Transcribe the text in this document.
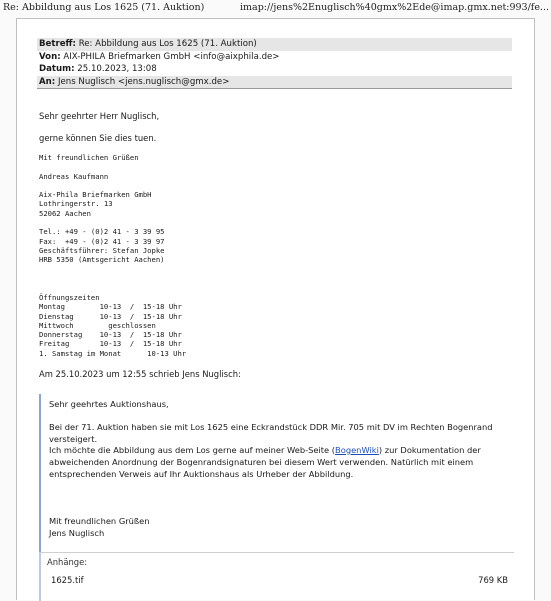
Re: Abbildung aus Los 1625 (71. Auktion)	imap://jens%2Enuglisch%40gmx%2Ede@imap.gmx.net:993/fe...
Betreff: Re: Abbildung aus Los 1625 (71. Auktion)
Von: AIX-PHILA Briefmarken GmbH <info@aixphila.de>
Datum: 25.10.2023, 13:08
An: Jens Nuglisch <jens.nuglisch@gmx.de>
Sehr geehrter Herr Nuglisch,
gerne können Sie dies tuen.
Mit freundlichen Grüßen

Andreas Kaufmann

Aix-Phila Briefmarken GmbH
Lothringerstr. 13
52062 Aachen

Tel.: +49 - (0)2 41 - 3 39 95
Fax:  +49 - (0)2 41 - 3 39 97
Geschäftsführer: Stefan Jopke
HRB 5350 (Amtsgericht Aachen)
Öffnungszeiten
Montag        10-13  /  15-18 Uhr
Dienstag      10-13  /  15-18 Uhr
Mittwoch        geschlossen
Donnerstag    10-13  /  15-18 Uhr
Freitag       10-13  /  15-18 Uhr
1. Samstag im Monat      10-13 Uhr
Am 25.10.2023 um 12:55 schrieb Jens Nuglisch:
Sehr geehrtes Auktionshaus,
Bei der 71. Auktion haben sie mit Los 1625 eine Eckrandstück DDR Mir. 705 mit DV im Rechten Bogenrand versteigert.
Ich möchte die Abbildung aus dem Los gerne auf meiner Web-Seite (BogenWiki) zur Dokumentation der abweichenden Anordnung der Bogenrandsignaturen bei diesem Wert verwenden. Natürlich mit einem entsprechenden Verweis auf Ihr Auktionshaus als Urheber der Abbildung.
Mit freundlichen Grüßen
Jens Nuglisch
Anhänge:
1625.tif	769 KB
